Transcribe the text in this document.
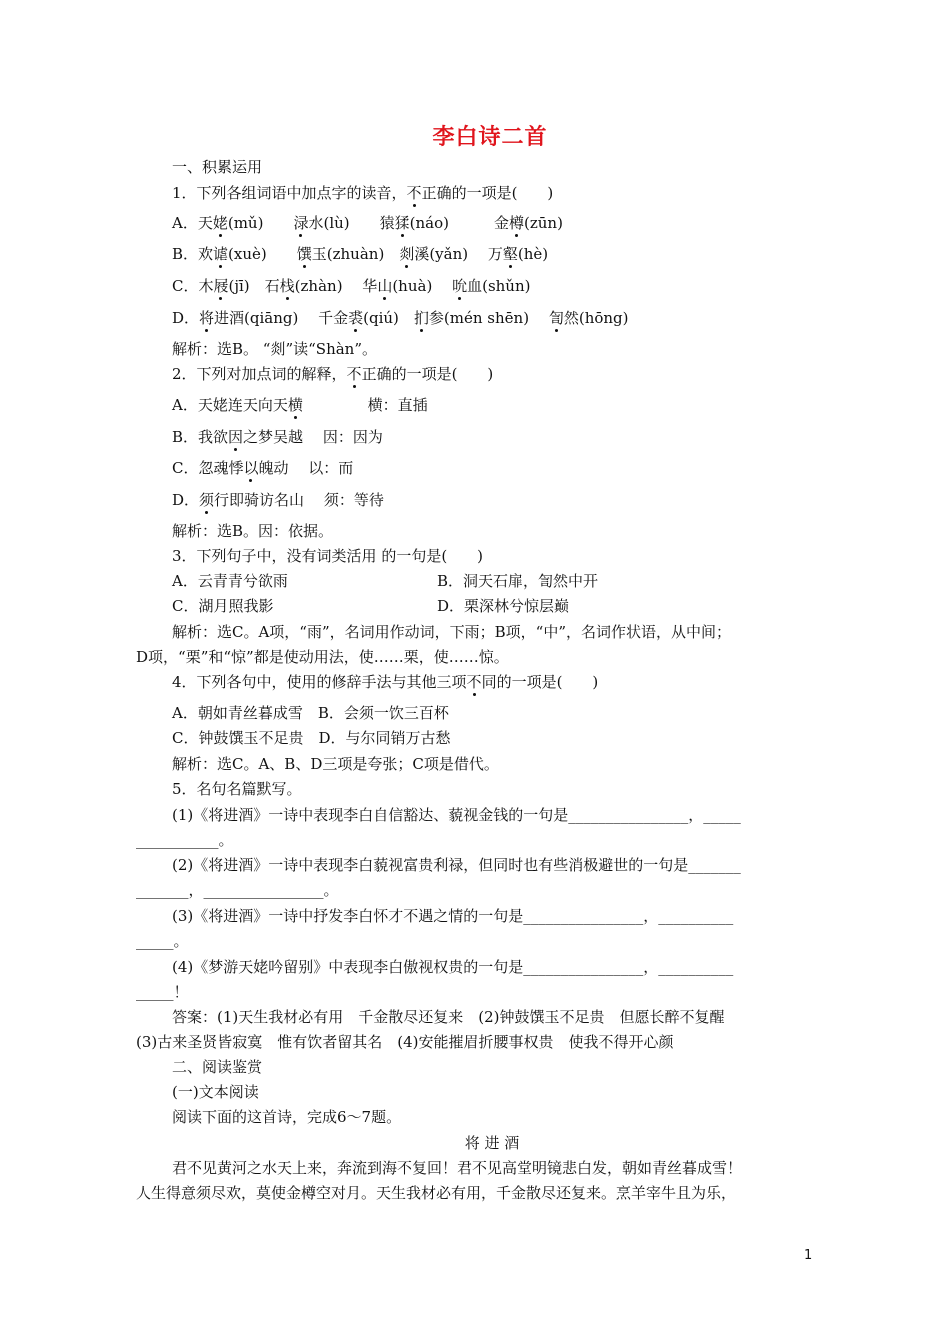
李白诗二首
一、积累运用
1．下列各组词语中加点字的读音，不正确的一项是(　　)
A．天姥(mǔ)　　渌水(lù)　　猿猱(náo)　　　金樽(zūn)
B．欢谑(xuè)　　馔玉(zhuàn)　剡溪(yǎn)　 万壑(hè)
C．木屐(jī)　石栈(zhàn)　 华山(huà)　 吮血(shǔn)
D．将进酒(qiāng)　 千金裘(qiú)　扪参(mén shēn)　 訇然(hōng)
解析：选B。 “剡”读“Shàn”。
2．下列对加点词的解释，不正确的一项是(　　)
A．天姥连天向天横　　　　 横：直插
B．我欲因之梦吴越　 因：因为
C．忽魂悸以魄动　 以：而
D．须行即骑访名山　 须：等待
解析：选B。因：依据。
3．下列句子中，没有词类活用 的一句是(　　)
A．云青青兮欲雨	B．洞天石扉，訇然中开
C．湖月照我影	D．栗深林兮惊层巅
解析：选C。A项，“雨”，名词用作动词，下雨；B项，“中”，名词作状语，从中间；
D项，“栗”和“惊”都是使动用法，使……栗，使……惊。
4．下列各句中，使用的修辞手法与其他三项不同的一项是(　　)
A．朝如青丝暮成雪　B．会须一饮三百杯
C．钟鼓馔玉不足贵　D．与尔同销万古愁
解析：选C。A、B、D三项是夸张；C项是借代。
5．名句名篇默写。
(1)《将进酒》一诗中表现李白自信豁达、藐视金钱的一句是________________，_____
___________。
(2)《将进酒》一诗中表现李白藐视富贵利禄，但同时也有些消极避世的一句是_______
_______，________________。
(3)《将进酒》一诗中抒发李白怀才不遇之情的一句是________________，__________
_____。
(4)《梦游天姥吟留别》中表现李白傲视权贵的一句是________________，__________
_____！
答案：(1)天生我材必有用　千金散尽还复来　(2)钟鼓馔玉不足贵　但愿长醉不复醒
(3)古来圣贤皆寂寞　惟有饮者留其名　(4)安能摧眉折腰事权贵　使我不得开心颜
二、阅读鉴赏
(一)文本阅读
阅读下面的这首诗，完成6～7题。
将 进 酒
君不见黄河之水天上来，奔流到海不复回！君不见高堂明镜悲白发，朝如青丝暮成雪！
人生得意须尽欢，莫使金樽空对月。天生我材必有用，千金散尽还复来。烹羊宰牛且为乐，
1
